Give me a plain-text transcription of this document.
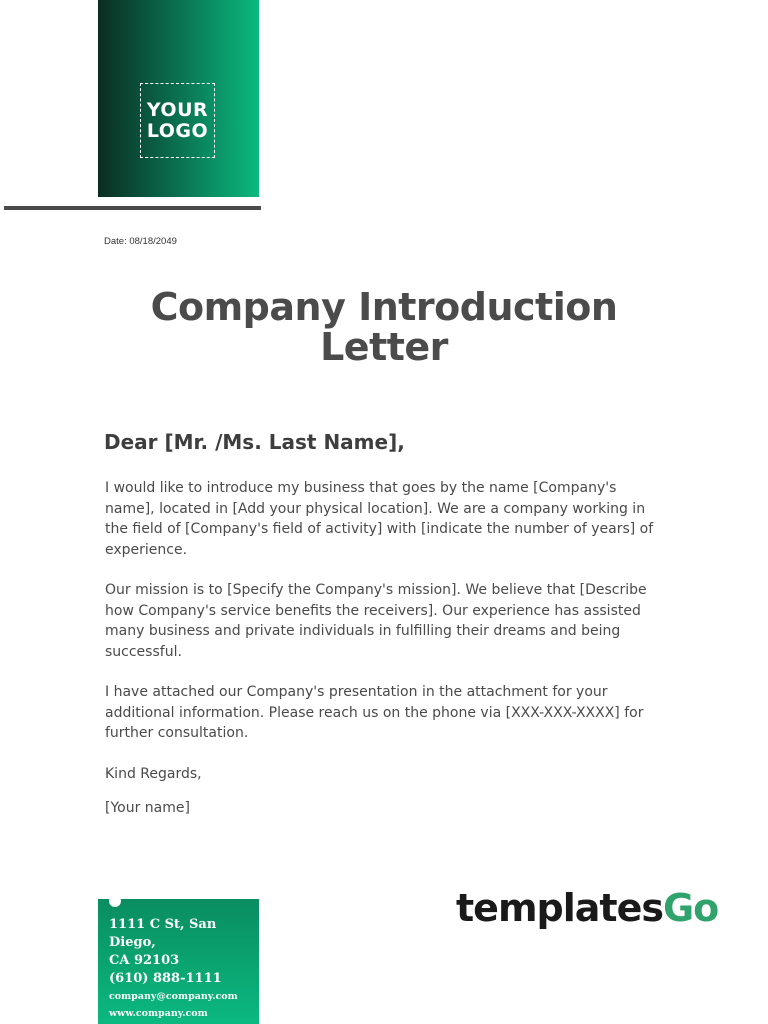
YOUR
LOGO
Date: 08/18/2049
Company Introduction
Letter
Dear [Mr. /Ms. Last Name],

I would like to introduce my business that goes by the name [Company's name], located in [Add your physical location]. We are a company working in the field of [Company's field of activity] with [indicate the number of years] of experience.

Our mission is to [Specify the Company's mission]. We believe that [Describe how Company's service benefits the receivers]. Our experience has assisted many business and private individuals in fulfilling their dreams and being successful.

I have attached our Company's presentation in the attachment for your additional information. Please reach us on the phone via [XXX-XXX-XXXX] for further consultation.

Kind Regards,

[Your name]

1111 C St, San Diego,
CA 92103
(610) 888-1111
company@company.com
www.company.com
templatesGo
